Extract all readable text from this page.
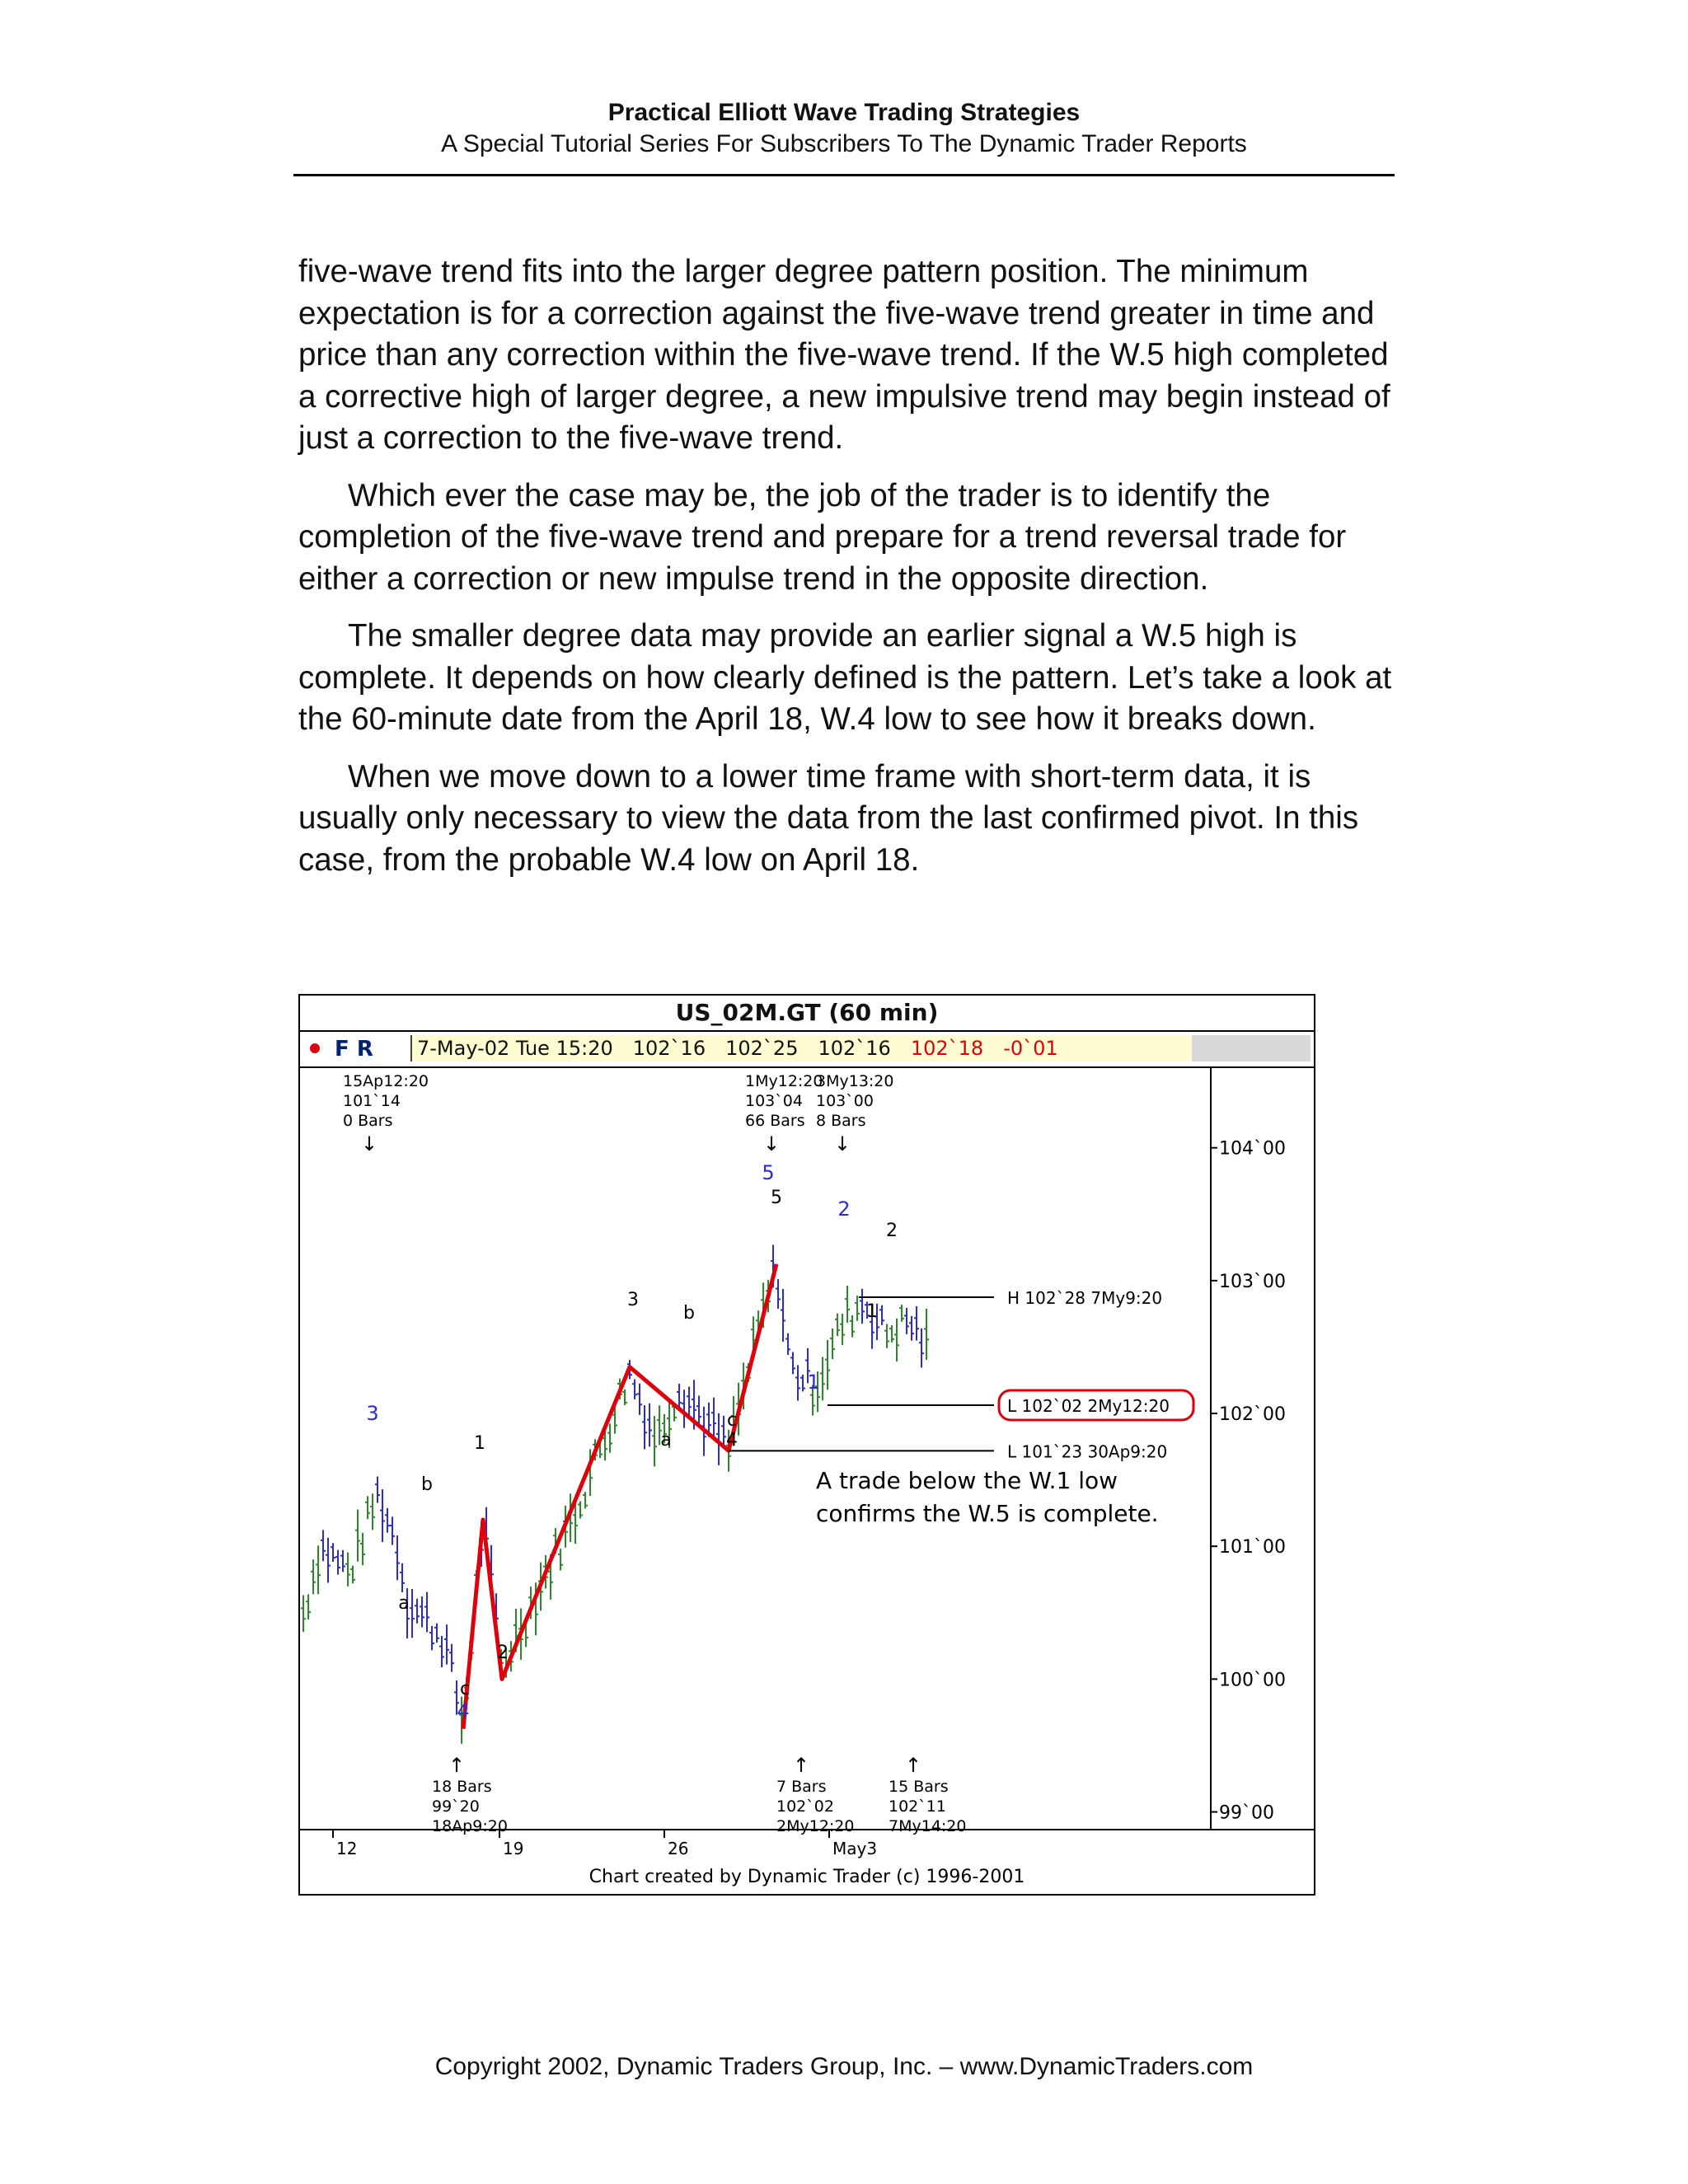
Practical Elliott Wave Trading Strategies
A Special Tutorial Series For Subscribers To The Dynamic Trader Reports

five-wave trend fits into the larger degree pattern position. The minimum expectation is for a correction against the five-wave trend greater in time and price than any correction within the five-wave trend. If the W.5 high completed a corrective high of larger degree, a new impulsive trend may begin instead of just a correction to the five-wave trend.

Which ever the case may be, the job of the trader is to identify the completion of the five-wave trend and prepare for a trend reversal trade for either a correction or new impulse trend in the opposite direction.

The smaller degree data may provide an earlier signal a W.5 high is complete. It depends on how clearly defined is the pattern. Let’s take a look at the 60-minute date from the April 18, W.4 low to see how it breaks down.

When we move down to a lower time frame with short-term data, it is usually only necessary to view the data from the last confirmed pivot. In this case, from the probable W.4 low on April 18.

US_02M.GT (60 min)
F R	7-May-02 Tue 15:20 102`16 102`25 102`16 102`18 -0`01
104`00
103`00
102`00
101`00
100`00
99`00
12	19	26	May3
H 102`28 7My9:20
L 102`02 2My12:20
L 101`23 30Ap9:20
15Ap12:20
101`14
0 Bars
↓
1My12:20
103`04
66 Bars
↓
3My13:20
103`00
8 Bars
↓
↑
18 Bars
99`20
18Ap9:20
↑
7 Bars
102`02
2My12:20
↑
15 Bars
102`11
7My14:20
3
4
5
2
1
a
b
c
1
2
3
a
b
c
4
5
1
2
A trade below the W.1 low
confirms the W.5 is complete.
Chart created by Dynamic Trader (c) 1996-2001
Copyright 2002, Dynamic Traders Group, Inc. – www.DynamicTraders.com
